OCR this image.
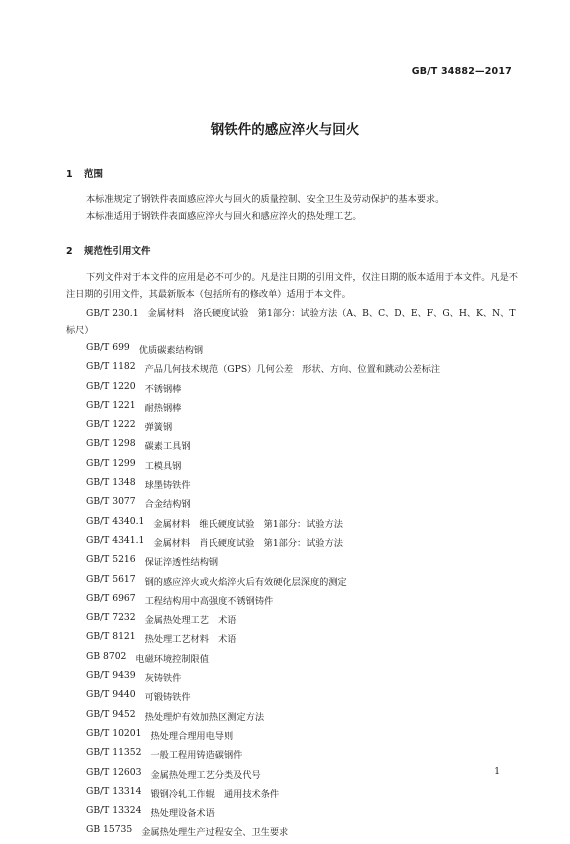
GB/T 34882—2017
钢铁件的感应淬火与回火
1 范围
本标准规定了钢铁件表面感应淬火与回火的质量控制、安全卫生及劳动保护的基本要求。
本标准适用于钢铁件表面感应淬火与回火和感应淬火的热处理工艺。
2 规范性引用文件
下列文件对于本文件的应用是必不可少的。凡是注日期的引用文件，仅注日期的版本适用于本文件。凡是不注日期的引用文件，其最新版本（包括所有的修改单）适用于本文件。
GB/T 230.1 金属材料　洛氏硬度试验　第1部分：试验方法（A、B、C、D、E、F、G、H、K、N、T标尺）
GB/T 699 优质碳素结构钢
GB/T 1182 产品几何技术规范（GPS）几何公差　形状、方向、位置和跳动公差标注
GB/T 1220 不锈钢棒
GB/T 1221 耐热钢棒
GB/T 1222 弹簧钢
GB/T 1298 碳素工具钢
GB/T 1299 工模具钢
GB/T 1348 球墨铸铁件
GB/T 3077 合金结构钢
GB/T 4340.1 金属材料　维氏硬度试验　第1部分：试验方法
GB/T 4341.1 金属材料　肖氏硬度试验　第1部分：试验方法
GB/T 5216 保证淬透性结构钢
GB/T 5617 钢的感应淬火或火焰淬火后有效硬化层深度的测定
GB/T 6967 工程结构用中高强度不锈钢铸件
GB/T 7232 金属热处理工艺　术语
GB/T 8121 热处理工艺材料　术语
GB 8702 电磁环境控制限值
GB/T 9439 灰铸铁件
GB/T 9440 可锻铸铁件
GB/T 9452 热处理炉有效加热区测定方法
GB/T 10201 热处理合理用电导则
GB/T 11352 一般工程用铸造碳钢件
GB/T 12603 金属热处理工艺分类及代号
GB/T 13314 锻钢冷轧工作辊　通用技术条件
GB/T 13324 热处理设备术语
GB 15735 金属热处理生产过程安全、卫生要求
1
